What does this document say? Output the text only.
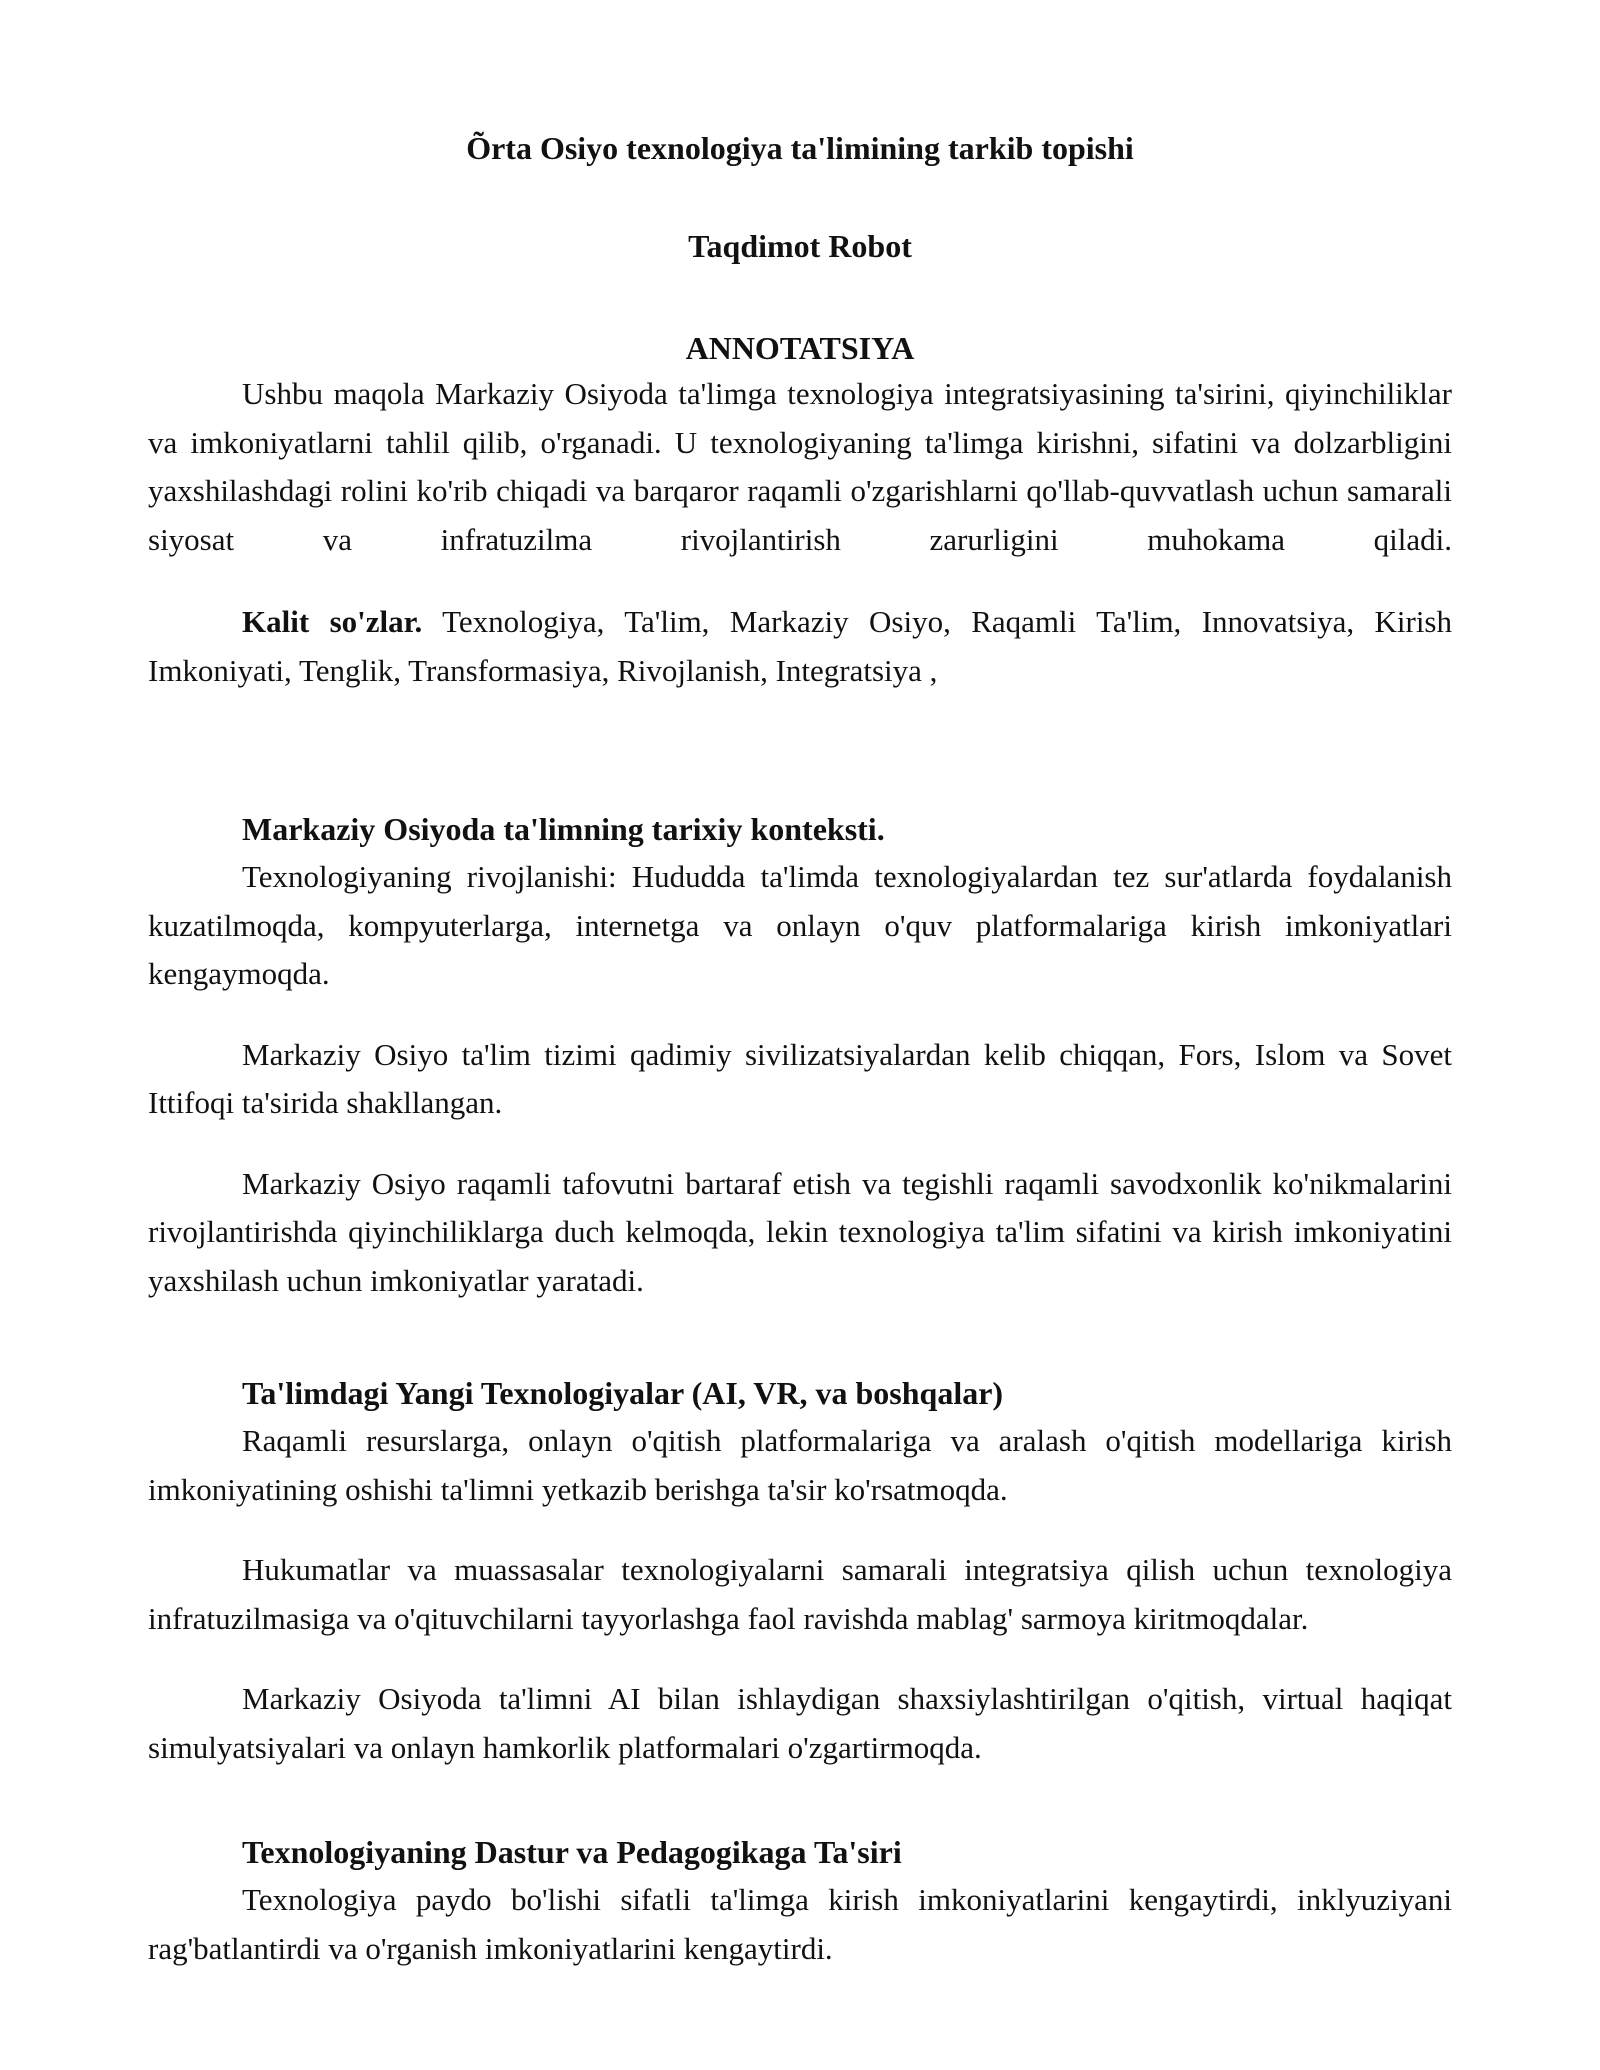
Õrta Osiyo texnologiya ta'limining tarkib topishi
Taqdimot Robot
ANNOTATSIYA

Ushbu maqola Markaziy Osiyoda ta'limga texnologiya integratsiyasining ta'sirini, qiyinchiliklar va imkoniyatlarni tahlil qilib, o'rganadi. U texnologiyaning ta'limga kirishni, sifatini va dolzarbligini yaxshilashdagi rolini ko'rib chiqadi va barqaror raqamli o'zgarishlarni qo'llab-quvvatlash uchun samarali siyosat va infratuzilma rivojlantirish zarurligini muhokama qiladi.

Kalit so'zlar. Texnologiya, Ta'lim, Markaziy Osiyo, Raqamli Ta'lim, Innovatsiya, Kirish Imkoniyati, Tenglik, Transformasiya, Rivojlanish, Integratsiya ,

Markaziy Osiyoda ta'limning tarixiy konteksti.

Texnologiyaning rivojlanishi: Hududda ta'limda texnologiyalardan tez sur'atlarda foydalanish kuzatilmoqda, kompyuterlarga, internetga va onlayn o'quv platformalariga kirish imkoniyatlari kengaymoqda.

Markaziy Osiyo ta'lim tizimi qadimiy sivilizatsiyalardan kelib chiqqan, Fors, Islom va Sovet Ittifoqi ta'sirida shakllangan.

Markaziy Osiyo raqamli tafovutni bartaraf etish va tegishli raqamli savodxonlik ko'nikmalarini rivojlantirishda qiyinchiliklarga duch kelmoqda, lekin texnologiya ta'lim sifatini va kirish imkoniyatini yaxshilash uchun imkoniyatlar yaratadi.

Ta'limdagi Yangi Texnologiyalar (AI, VR, va boshqalar)

Raqamli resurslarga, onlayn o'qitish platformalariga va aralash o'qitish modellariga kirish imkoniyatining oshishi ta'limni yetkazib berishga ta'sir ko'rsatmoqda.

Hukumatlar va muassasalar texnologiyalarni samarali integratsiya qilish uchun texnologiya infratuzilmasiga va o'qituvchilarni tayyorlashga faol ravishda mablag' sarmoya kiritmoqdalar.

Markaziy Osiyoda ta'limni AI bilan ishlaydigan shaxsiylashtirilgan o'qitish, virtual haqiqat simulyatsiyalari va onlayn hamkorlik platformalari o'zgartirmoqda.

Texnologiyaning Dastur va Pedagogikaga Ta'siri

Texnologiya paydo bo'lishi sifatli ta'limga kirish imkoniyatlarini kengaytirdi, inklyuziyani rag'batlantirdi va o'rganish imkoniyatlarini kengaytirdi.
